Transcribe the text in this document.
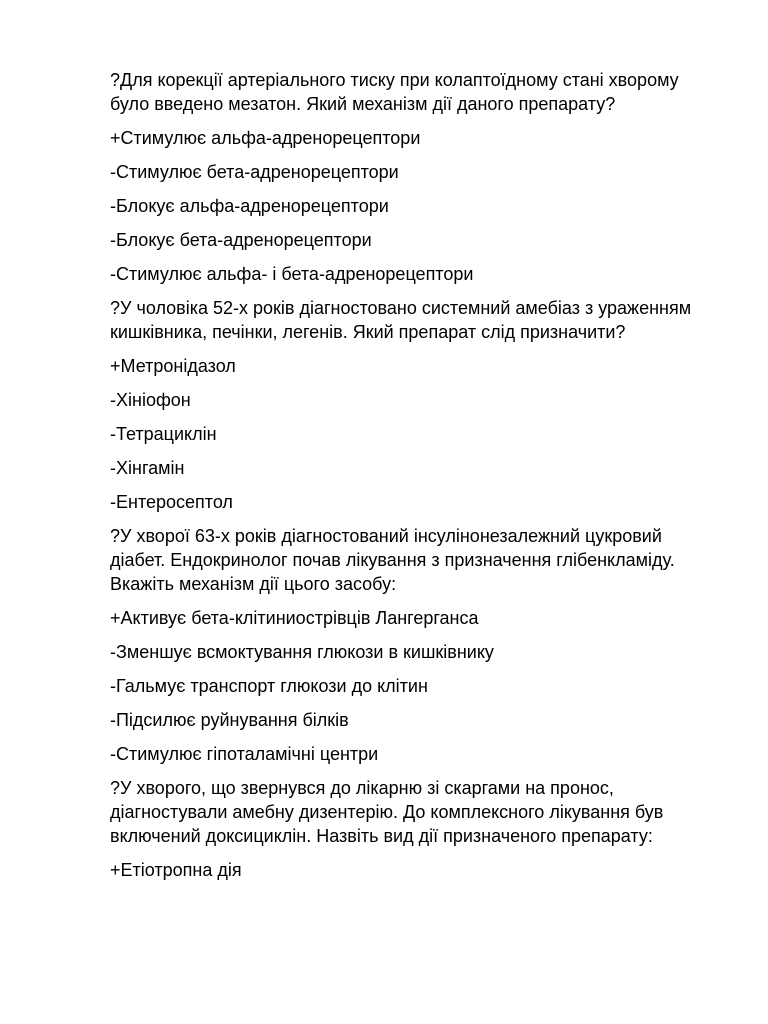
?Для корекції артеріального тиску при колаптоїдному стані хворому було введено мезатон. Який механізм дії даного препарату?
+Стимулює альфа-адренорецептори
-Стимулює бета-адренорецептори
-Блокує альфа-адренорецептори
-Блокує бета-адренорецептори
-Стимулює альфа- і бета-адренорецептори
?У чоловіка 52-х років діагностовано системний амебіаз з ураженням кишківника, печінки, легенів. Який препарат слід призначити?
+Метронідазол
-Хініофон
-Тетрациклін
-Хінгамін
-Ентеросептол
?У хворої 63-х років діагностований інсулінонезалежний цукровий діабет. Ендокринолог почав лікування з призначення глібенкламіду. Вкажіть механізм дії цього засобу:
+Активує бета-клітиниострівців Лангерганса
-Зменшує всмоктування глюкози в кишківнику
-Гальмує транспорт глюкози до клітин
-Підсилює руйнування білків
-Стимулює гіпоталамічні центри
?У хворого, що звернувся до лікарню зі скаргами на пронос, діагностували амебну дизентерію. До комплексного лікування був включений доксициклін. Назвіть вид дії призначеного препарату:
+Етіотропна дія
